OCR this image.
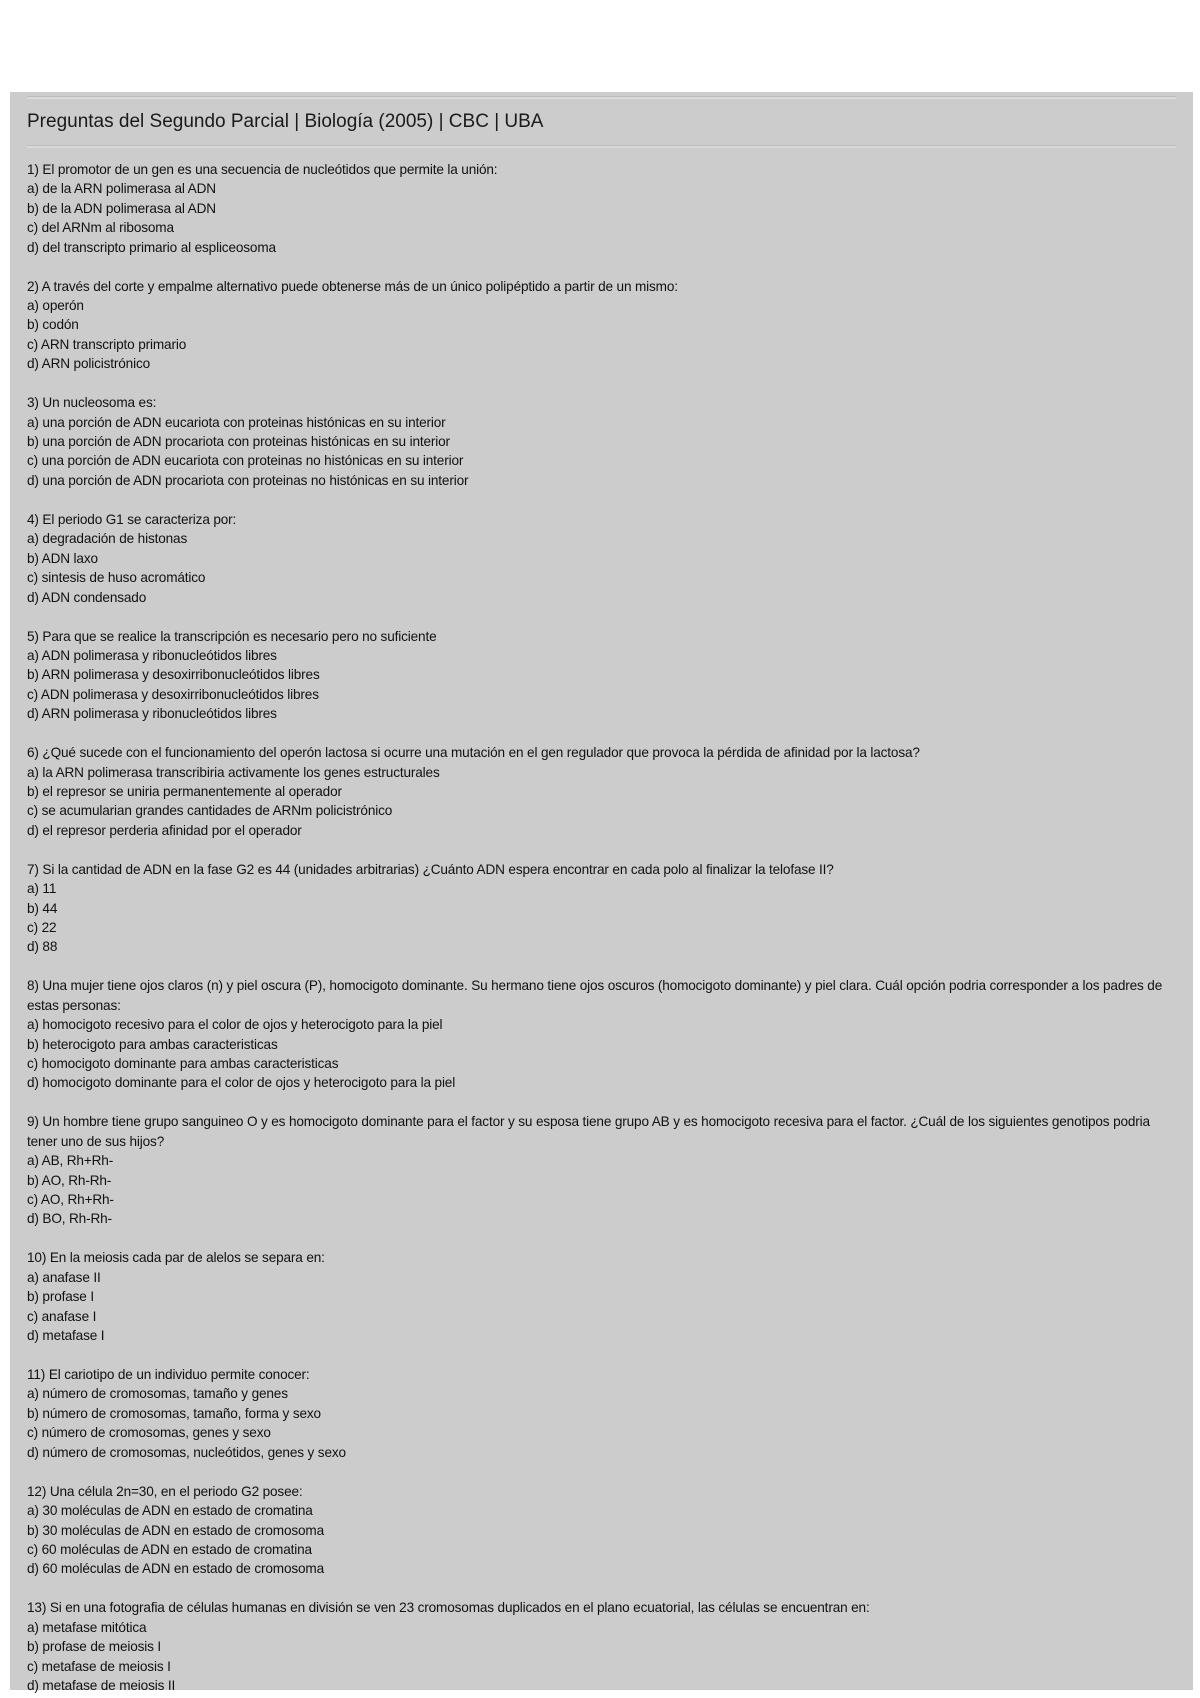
Preguntas del Segundo Parcial | Biología (2005) | CBC | UBA
1) El promotor de un gen es una secuencia de nucleótidos que permite la unión:
a) de la ARN polimerasa al ADN
b) de la ADN polimerasa al ADN
c) del ARNm al ribosoma
d) del transcripto primario al espliceosoma
2) A través del corte y empalme alternativo puede obtenerse más de un único polipéptido a partir de un mismo:
a) operón
b) codón
c) ARN transcripto primario
d) ARN policistrónico
3) Un nucleosoma es:
a) una porción de ADN eucariota con proteinas histónicas en su interior
b) una porción de ADN procariota con proteinas histónicas en su interior
c) una porción de ADN eucariota con proteinas no histónicas en su interior
d) una porción de ADN procariota con proteinas no histónicas en su interior
4) El periodo G1 se caracteriza por:
a) degradación de histonas
b) ADN laxo
c) sintesis de huso acromático
d) ADN condensado
5) Para que se realice la transcripción es necesario pero no suficiente
a) ADN polimerasa y ribonucleótidos libres
b) ARN polimerasa y desoxirribonucleótidos libres
c) ADN polimerasa y desoxirribonucleótidos libres
d) ARN polimerasa y ribonucleótidos libres
6) ¿Qué sucede con el funcionamiento del operón lactosa si ocurre una mutación en el gen regulador que provoca la pérdida de afinidad por la lactosa?
a) la ARN polimerasa transcribiria activamente los genes estructurales
b) el represor se uniria permanentemente al operador
c) se acumularian grandes cantidades de ARNm policistrónico
d) el represor perderia afinidad por el operador
7) Si la cantidad de ADN en la fase G2 es 44 (unidades arbitrarias) ¿Cuánto ADN espera encontrar en cada polo al finalizar la telofase II?
a) 11
b) 44
c) 22
d) 88
8) Una mujer tiene ojos claros (n) y piel oscura (P), homocigoto dominante. Su hermano tiene ojos oscuros (homocigoto dominante) y piel clara. Cuál opción podria corresponder a los padres de estas personas:
a) homocigoto recesivo para el color de ojos y heterocigoto para la piel
b) heterocigoto para ambas caracteristicas
c) homocigoto dominante para ambas caracteristicas
d) homocigoto dominante para el color de ojos y heterocigoto para la piel
9) Un hombre tiene grupo sanguineo O y es homocigoto dominante para el factor y su esposa tiene grupo AB y es homocigoto recesiva para el factor. ¿Cuál de los siguientes genotipos podria tener uno de sus hijos?
a) AB, Rh+Rh-
b) AO, Rh-Rh-
c) AO, Rh+Rh-
d) BO, Rh-Rh-
10) En la meiosis cada par de alelos se separa en:
a) anafase II
b) profase I
c) anafase I
d) metafase I
11) El cariotipo de un individuo permite conocer:
a) número de cromosomas, tamaño y genes
b) número de cromosomas, tamaño, forma y sexo
c) número de cromosomas, genes y sexo
d) número de cromosomas, nucleótidos, genes y sexo
12) Una célula 2n=30, en el periodo G2 posee:
a) 30 moléculas de ADN en estado de cromatina
b) 30 moléculas de ADN en estado de cromosoma
c) 60 moléculas de ADN en estado de cromatina
d) 60 moléculas de ADN en estado de cromosoma
13) Si en una fotografia de células humanas en división se ven 23 cromosomas duplicados en el plano ecuatorial, las células se encuentran en:
a) metafase mitótica
b) profase de meiosis I
c) metafase de meiosis I
d) metafase de meiosis II
